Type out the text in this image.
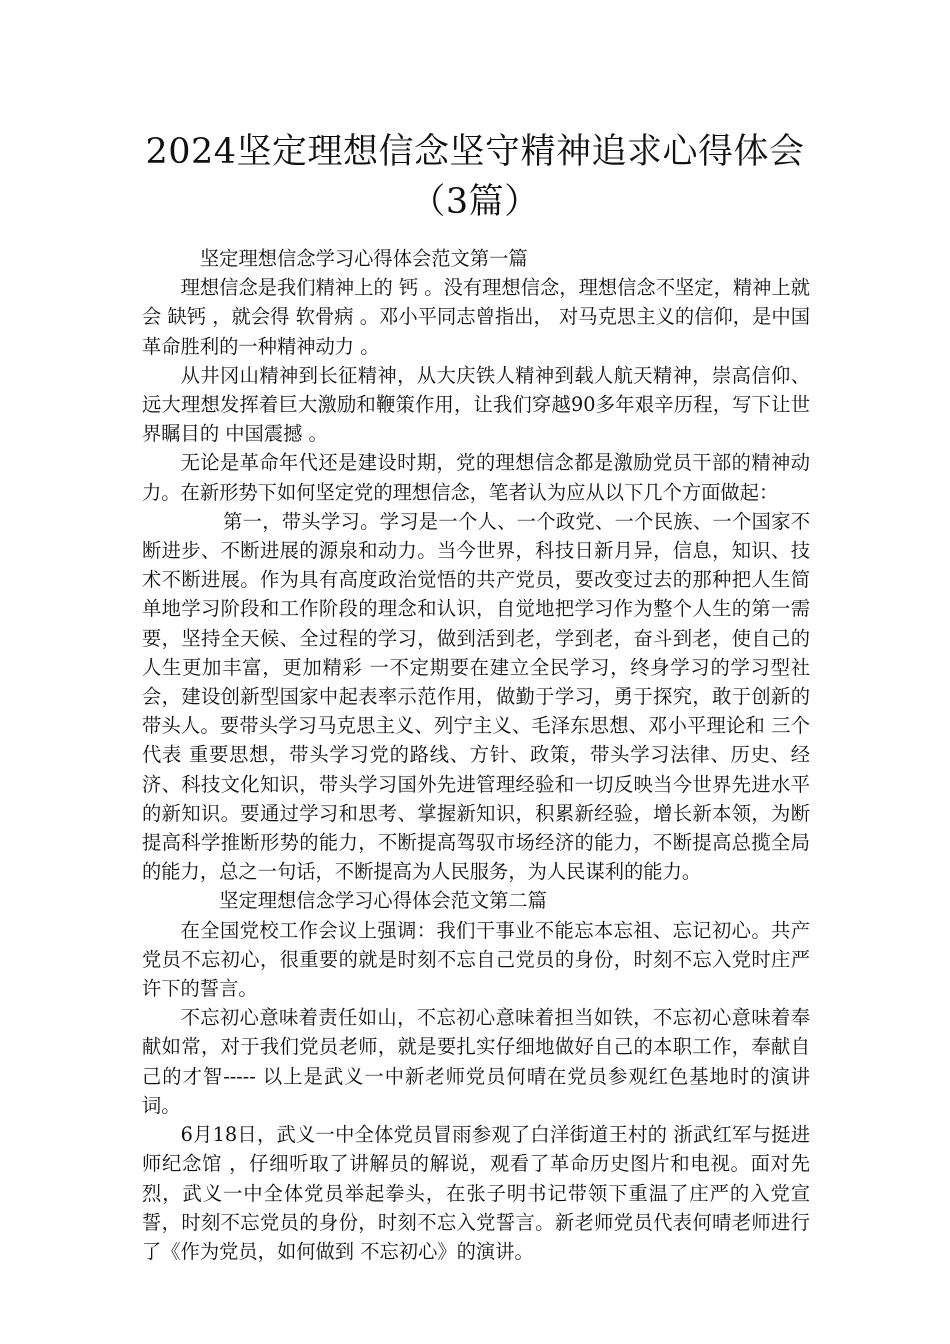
2024坚定理想信念坚守精神追求心得体会
（3篇）

坚定理想信念学习心得体会范文第一篇

理想信念是我们精神上的 钙 。没有理想信念，理想信念不坚定，精神上就会 缺钙 ，就会得 软骨病 。邓小平同志曾指出， 对马克思主义的信仰，是中国革命胜利的一种精神动力 。

从井冈山精神到长征精神，从大庆铁人精神到载人航天精神，崇高信仰、远大理想发挥着巨大激励和鞭策作用，让我们穿越90多年艰辛历程，写下让世界瞩目的 中国震撼 。

无论是革命年代还是建设时期，党的理想信念都是激励党员干部的精神动力。在新形势下如何坚定党的理想信念，笔者认为应从以下几个方面做起：

第一，带头学习。学习是一个人、一个政党、一个民族、一个国家不断进步、不断进展的源泉和动力。当今世界，科技日新月异，信息，知识、技术不断进展。作为具有高度政治觉悟的共产党员，要改变过去的那种把人生简单地学习阶段和工作阶段的理念和认识，自觉地把学习作为整个人生的第一需要，坚持全天候、全过程的学习，做到活到老，学到老，奋斗到老，使自己的人生更加丰富，更加精彩 一不定期要在建立全民学习，终身学习的学习型社会，建设创新型国家中起表率示范作用，做勤于学习，勇于探究，敢于创新的带头人。要带头学习马克思主义、列宁主义、毛泽东思想、邓小平理论和 三个代表 重要思想，带头学习党的路线、方针、政策，带头学习法律、历史、经济、科技文化知识，带头学习国外先进管理经验和一切反映当今世界先进水平的新知识。要通过学习和思考、掌握新知识，积累新经验，增长新本领，为断提高科学推断形势的能力，不断提高驾驭市场经济的能力，不断提高总揽全局的能力，总之一句话，不断提高为人民服务，为人民谋利的能力。

坚定理想信念学习心得体会范文第二篇

在全国党校工作会议上强调：我们干事业不能忘本忘祖、忘记初心。共产党员不忘初心，很重要的就是时刻不忘自己党员的身份，时刻不忘入党时庄严许下的誓言。

不忘初心意味着责任如山，不忘初心意味着担当如铁，不忘初心意味着奉献如常，对于我们党员老师，就是要扎实仔细地做好自己的本职工作，奉献自己的才智----- 以上是武义一中新老师党员何晴在党员参观红色基地时的演讲词。

6月18日，武义一中全体党员冒雨参观了白洋街道王村的 浙武红军与挺进师纪念馆 ，仔细听取了讲解员的解说，观看了革命历史图片和电视。面对先烈，武义一中全体党员举起拳头，在张子明书记带领下重温了庄严的入党宣誓，时刻不忘党员的身份，时刻不忘入党誓言。新老师党员代表何晴老师进行了《作为党员，如何做到 不忘初心》的演讲。
